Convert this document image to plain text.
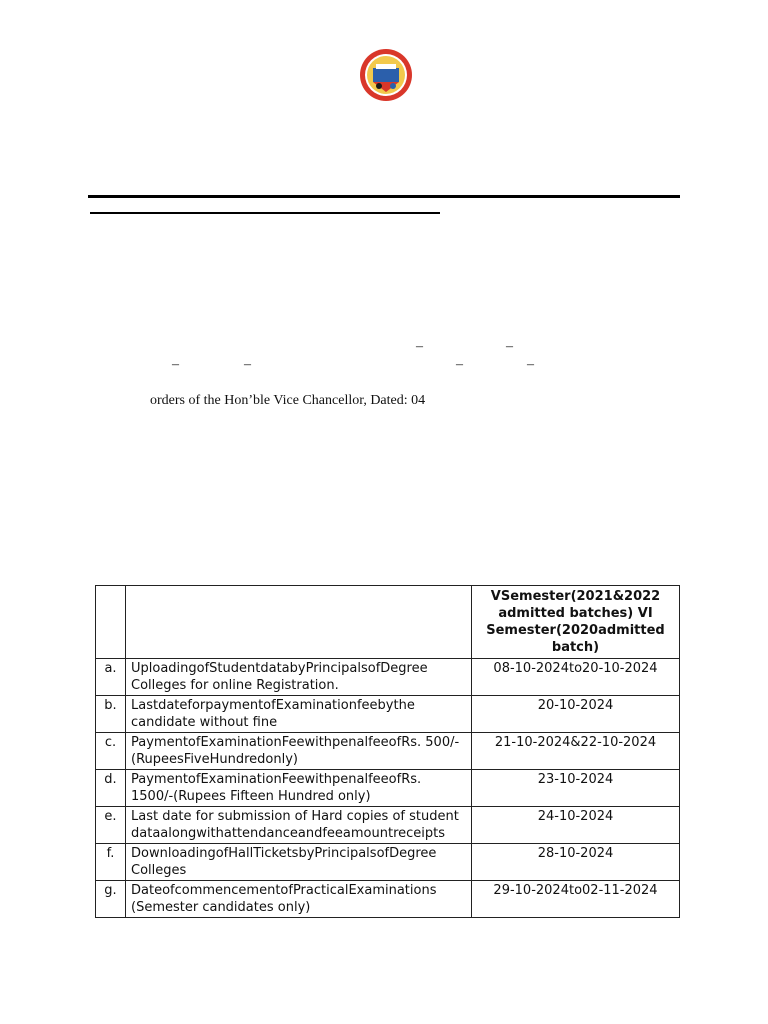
–	–
–	–	–	–
orders of the Hon’ble Vice Chancellor, Dated: 04
		VSemester(2021&2022 admitted batches) VI Semester(2020admitted batch)
a.	UploadingofStudentdatabyPrincipalsofDegree Colleges for online Registration.	08-10-2024to20-10-2024
b.	LastdateforpaymentofExaminationfeebythe candidate without fine	20-10-2024
c.	PaymentofExaminationFeewithpenalfeeofRs. 500/-(RupeesFiveHundredonly)	21-10-2024&22-10-2024
d.	PaymentofExaminationFeewithpenalfeeofRs. 1500/-(Rupees Fifteen Hundred only)	23-10-2024
e.	Last date for submission of Hard copies of student dataalongwithattendanceandfeeamountreceipts	24-10-2024
f.	DownloadingofHallTicketsbyPrincipalsofDegree Colleges	28-10-2024
g.	DateofcommencementofPracticalExaminations (Semester candidates only)	29-10-2024to02-11-2024
